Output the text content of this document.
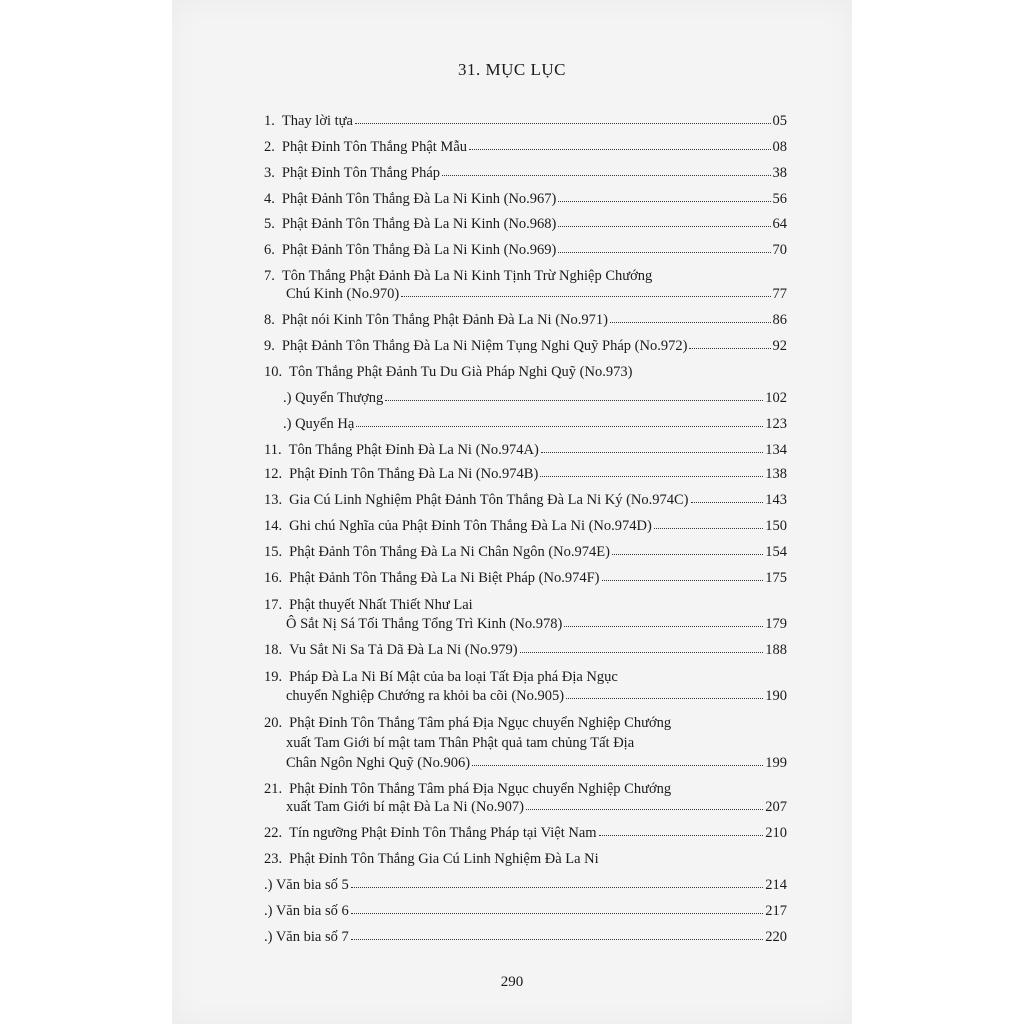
31. MỤC LỤC
1. Thay lời tựa	05
2. Phật Đỉnh Tôn Thắng Phật Mẫu	08
3. Phật Đỉnh Tôn Thắng Pháp	38
4. Phật Đảnh Tôn Thắng Đà La Ni Kinh (No.967)	56
5. Phật Đảnh Tôn Thắng Đà La Ni Kinh (No.968)	64
6. Phật Đảnh Tôn Thắng Đà La Ni Kinh (No.969)	70
7. Tôn Thắng Phật Đảnh Đà La Ni Kinh Tịnh Trừ Nghiệp Chướng
Chú Kinh (No.970)	77
8. Phật nói Kinh Tôn Thắng Phật Đảnh Đà La Ni (No.971)	86
9. Phật Đảnh Tôn Thắng Đà La Ni Niệm Tụng Nghi Quỹ Pháp (No.972)	92
10. Tôn Thắng Phật Đảnh Tu Du Già Pháp Nghi Quỹ (No.973)
.) Quyển Thượng	102
.) Quyển Hạ	123
11. Tôn Thắng Phật Đỉnh Đà La Ni (No.974A)	134
12. Phật Đỉnh Tôn Thắng Đà La Ni (No.974B)	138
13. Gia Cú Linh Nghiệm Phật Đảnh Tôn Thắng Đà La Ni Ký (No.974C)	143
14. Ghi chú Nghĩa của Phật Đỉnh Tôn Thắng Đà La Ni (No.974D)	150
15. Phật Đảnh Tôn Thắng Đà La Ni Chân Ngôn (No.974E)	154
16. Phật Đảnh Tôn Thắng Đà La Ni Biệt Pháp (No.974F)	175
17. Phật thuyết Nhất Thiết Như Lai
Ô Sắt Nị Sá Tối Thắng Tổng Trì Kinh (No.978)	179
18. Vu Sắt Ni Sa Tả Dã Đà La Ni (No.979)	188
19. Pháp Đà La Ni Bí Mật của ba loại Tất Địa phá Địa Ngục
chuyển Nghiệp Chướng ra khỏi ba cõi (No.905)	190
20. Phật Đỉnh Tôn Thắng Tâm phá Địa Ngục chuyển Nghiệp Chướng
xuất Tam Giới bí mật tam Thân Phật quả tam chủng Tất Địa
Chân Ngôn Nghi Quỹ (No.906)	199
21. Phật Đỉnh Tôn Thắng Tâm phá Địa Ngục chuyển Nghiệp Chướng
xuất Tam Giới bí mật Đà La Ni (No.907)	207
22. Tín ngưỡng Phật Đỉnh Tôn Thắng Pháp tại Việt Nam	210
23. Phật Đỉnh Tôn Thắng Gia Cú Linh Nghiệm Đà La Ni
.) Văn bia số 5	214
.) Văn bia số 6	217
.) Văn bia số 7	220
290
